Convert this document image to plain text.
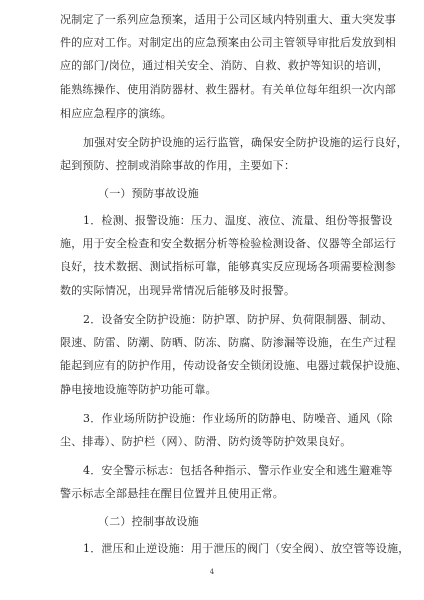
况制定了一系列应急预案，适用于公司区域内特别重大、重大突发事
件的应对工作。对制定出的应急预案由公司主管领导审批后发放到相
应的部门/岗位，通过相关安全、消防、自救、救护等知识的培训，
能熟练操作、使用消防器材、救生器材。有关单位每年组织一次内部
相应应急程序的演练。
加强对安全防护设施的运行监管，确保安全防护设施的运行良好，
起到预防、控制或消除事故的作用，主要如下：
（一）预防事故设施
1．检测、报警设施：压力、温度、液位、流量、组份等报警设
施，用于安全检查和安全数据分析等检验检测设备、仪器等全部运行
良好，技术数据、测试指标可靠，能够真实反应现场各项需要检测参
数的实际情况，出现异常情况后能够及时报警。
2．设备安全防护设施：防护罩、防护屏、负荷限制器、制动、
限速、防雷、防潮、防晒、防冻、防腐、防渗漏等设施，在生产过程
能起到应有的防护作用，传动设备安全锁闭设施、电器过载保护设施、
静电接地设施等防护功能可靠。
3．作业场所防护设施：作业场所的防静电、防噪音、通风（除
尘、排毒）、防护栏（网）、防滑、防灼烫等防护效果良好。
4．安全警示标志：包括各种指示、警示作业安全和逃生避难等
警示标志全部悬挂在醒目位置并且使用正常。
（二）控制事故设施
1．泄压和止逆设施：用于泄压的阀门（安全阀）、放空管等设施，
4
